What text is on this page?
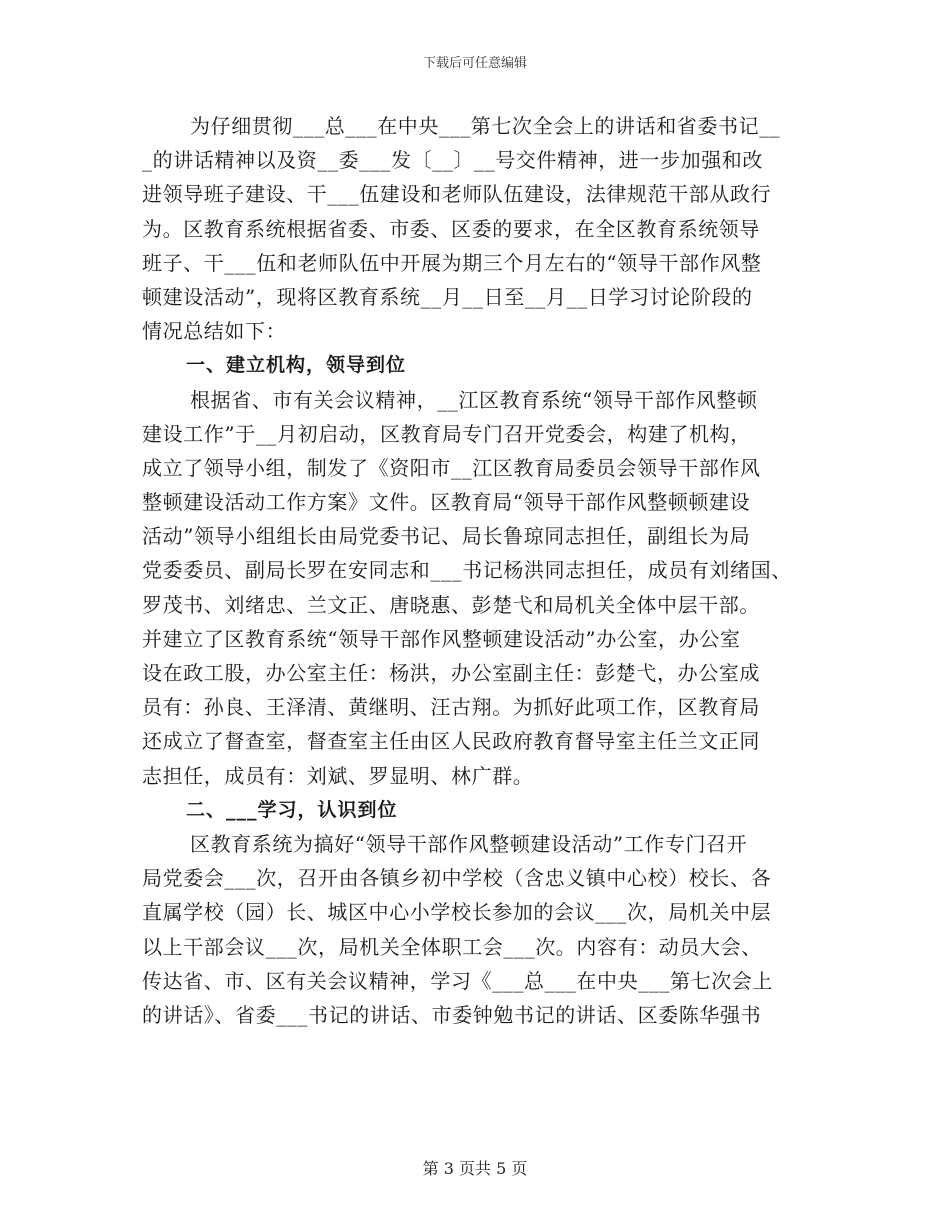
下载后可任意编辑
为仔细贯彻___总___在中央___第七次全会上的讲话和省委书记__
_的讲话精神以及资__委___发〔__〕__号交件精神，进一步加强和改
进领导班子建设、干___伍建设和老师队伍建设，法律规范干部从政行
为。区教育系统根据省委、市委、区委的要求，在全区教育系统领导
班子、干___伍和老师队伍中开展为期三个月左右的“领导干部作风整
顿建设活动”，现将区教育系统__月__日至__月__日学习讨论阶段的
情况总结如下：
一、建立机构，领导到位
根据省、市有关会议精神，__江区教育系统“领导干部作风整顿
建设工作”于__月初启动，区教育局专门召开党委会，构建了机构，
成立了领导小组，制发了《资阳市__江区教育局委员会领导干部作风
整顿建设活动工作方案》文件。区教育局“领导干部作风整顿顿建设
活动”领导小组组长由局党委书记、局长鲁琼同志担任，副组长为局
党委委员、副局长罗在安同志和___书记杨洪同志担任，成员有刘绪国、
罗茂书、刘绪忠、兰文正、唐晓惠、彭楚弋和局机关全体中层干部。
并建立了区教育系统“领导干部作风整顿建设活动”办公室，办公室
设在政工股，办公室主任：杨洪，办公室副主任：彭楚弋，办公室成
员有：孙良、王泽清、黄继明、汪古翔。为抓好此项工作，区教育局
还成立了督查室，督查室主任由区人民政府教育督导室主任兰文正同
志担任，成员有：刘斌、罗显明、林广群。
二、___学习，认识到位
区教育系统为搞好“领导干部作风整顿建设活动”工作专门召开
局党委会___次，召开由各镇乡初中学校（含忠义镇中心校）校长、各
直属学校（园）长、城区中心小学校长参加的会议___次，局机关中层
以上干部会议___次，局机关全体职工会___次。内容有：动员大会、
传达省、市、区有关会议精神，学习《___总___在中央___第七次会上
的讲话》、省委___书记的讲话、市委钟勉书记的讲话、区委陈华强书
第 3 页共 5 页
